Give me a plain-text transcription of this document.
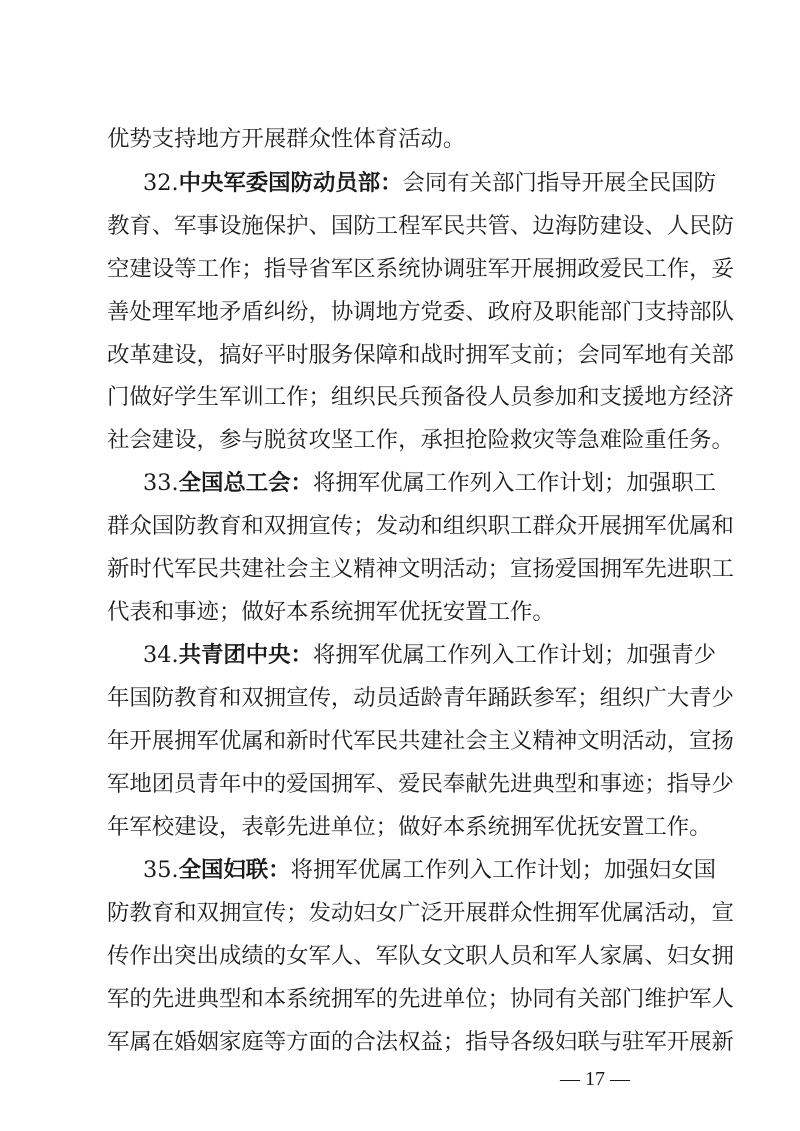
优势支持地方开展群众性体育活动。
32.中央军委国防动员部：会同有关部门指导开展全民国防
教育、军事设施保护、国防工程军民共管、边海防建设、人民防
空建设等工作；指导省军区系统协调驻军开展拥政爱民工作，妥
善处理军地矛盾纠纷，协调地方党委、政府及职能部门支持部队
改革建设，搞好平时服务保障和战时拥军支前；会同军地有关部
门做好学生军训工作；组织民兵预备役人员参加和支援地方经济
社会建设，参与脱贫攻坚工作，承担抢险救灾等急难险重任务。
33.全国总工会：将拥军优属工作列入工作计划；加强职工
群众国防教育和双拥宣传；发动和组织职工群众开展拥军优属和
新时代军民共建社会主义精神文明活动；宣扬爱国拥军先进职工
代表和事迹；做好本系统拥军优抚安置工作。
34.共青团中央：将拥军优属工作列入工作计划；加强青少
年国防教育和双拥宣传，动员适龄青年踊跃参军；组织广大青少
年开展拥军优属和新时代军民共建社会主义精神文明活动，宣扬
军地团员青年中的爱国拥军、爱民奉献先进典型和事迹；指导少
年军校建设，表彰先进单位；做好本系统拥军优抚安置工作。
35.全国妇联：将拥军优属工作列入工作计划；加强妇女国
防教育和双拥宣传；发动妇女广泛开展群众性拥军优属活动，宣
传作出突出成绩的女军人、军队女文职人员和军人家属、妇女拥
军的先进典型和本系统拥军的先进单位；协同有关部门维护军人
军属在婚姻家庭等方面的合法权益；指导各级妇联与驻军开展新
— 17 —
